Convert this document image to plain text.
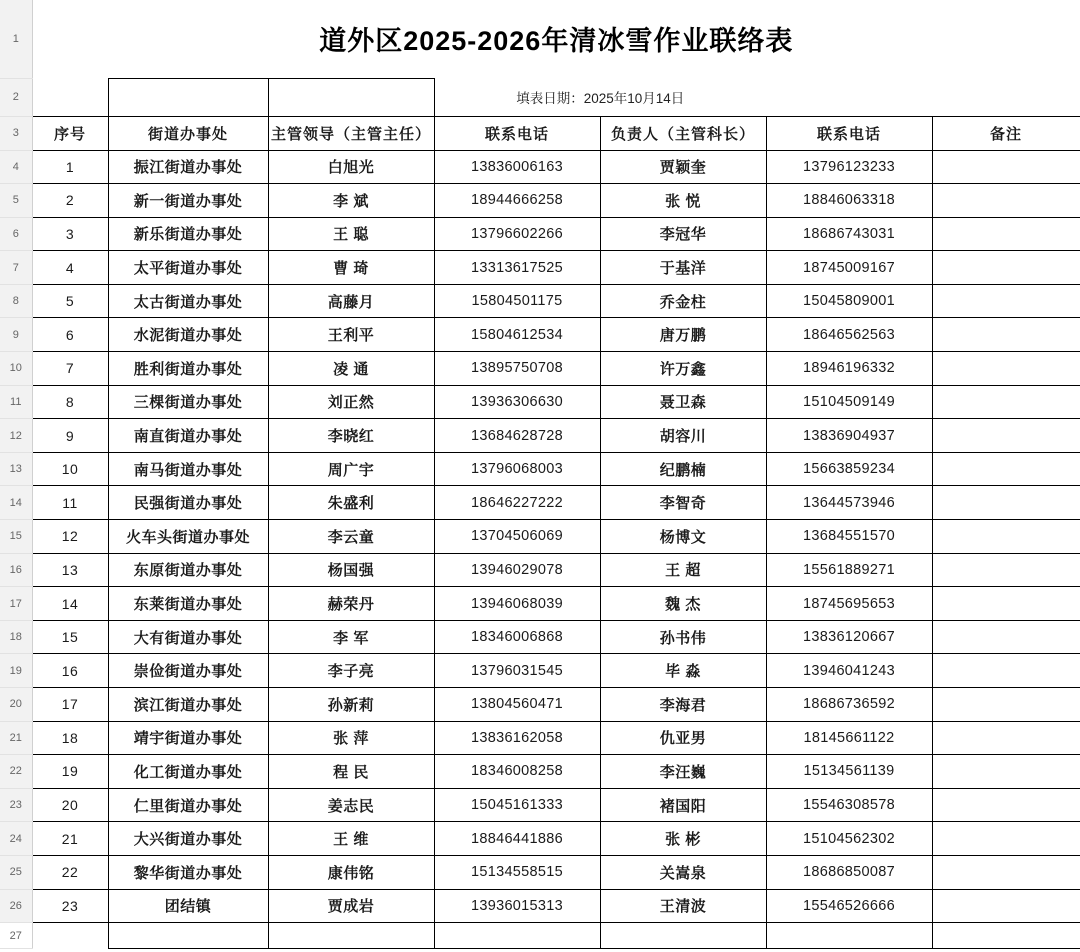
1	道外区2025-2026年清冰雪作业联络表						
2				填表日期：2025年10月14日			
3	序号	街道办事处	主管领导（主管主任）	联系电话	负责人（主管科长）	联系电话	备注
4	1	振江街道办事处	白旭光	13836006163	贾颖奎	13796123233	
5	2	新一街道办事处	李 斌	18944666258	张 悦	18846063318	
6	3	新乐街道办事处	王 聪	13796602266	李冠华	18686743031	
7	4	太平街道办事处	曹 琦	13313617525	于基洋	18745009167	
8	5	太古街道办事处	高藤月	15804501175	乔金柱	15045809001	
9	6	水泥街道办事处	王利平	15804612534	唐万鹏	18646562563	
10	7	胜利街道办事处	凌 通	13895750708	许万鑫	18946196332	
11	8	三棵街道办事处	刘正然	13936306630	聂卫森	15104509149	
12	9	南直街道办事处	李晓红	13684628728	胡容川	13836904937	
13	10	南马街道办事处	周广宇	13796068003	纪鹏楠	15663859234	
14	11	民强街道办事处	朱盛利	18646227222	李智奇	13644573946	
15	12	火车头街道办事处	李云童	13704506069	杨博文	13684551570	
16	13	东原街道办事处	杨国强	13946029078	王 超	15561889271	
17	14	东莱街道办事处	赫荣丹	13946068039	魏 杰	18745695653	
18	15	大有街道办事处	李 军	18346006868	孙书伟	13836120667	
19	16	崇俭街道办事处	李子亮	13796031545	毕 淼	13946041243	
20	17	滨江街道办事处	孙新莉	13804560471	李海君	18686736592	
21	18	靖宇街道办事处	张 萍	13836162058	仇亚男	18145661122	
22	19	化工街道办事处	程 民	18346008258	李汪巍	15134561139	
23	20	仁里街道办事处	姜志民	15045161333	褚国阳	15546308578	
24	21	大兴街道办事处	王 维	18846441886	张 彬	15104562302	
25	22	黎华街道办事处	康伟铭	15134558515	关嵩泉	18686850087	
26	23	团结镇	贾成岩	13936015313	王清波	15546526666	
27							
